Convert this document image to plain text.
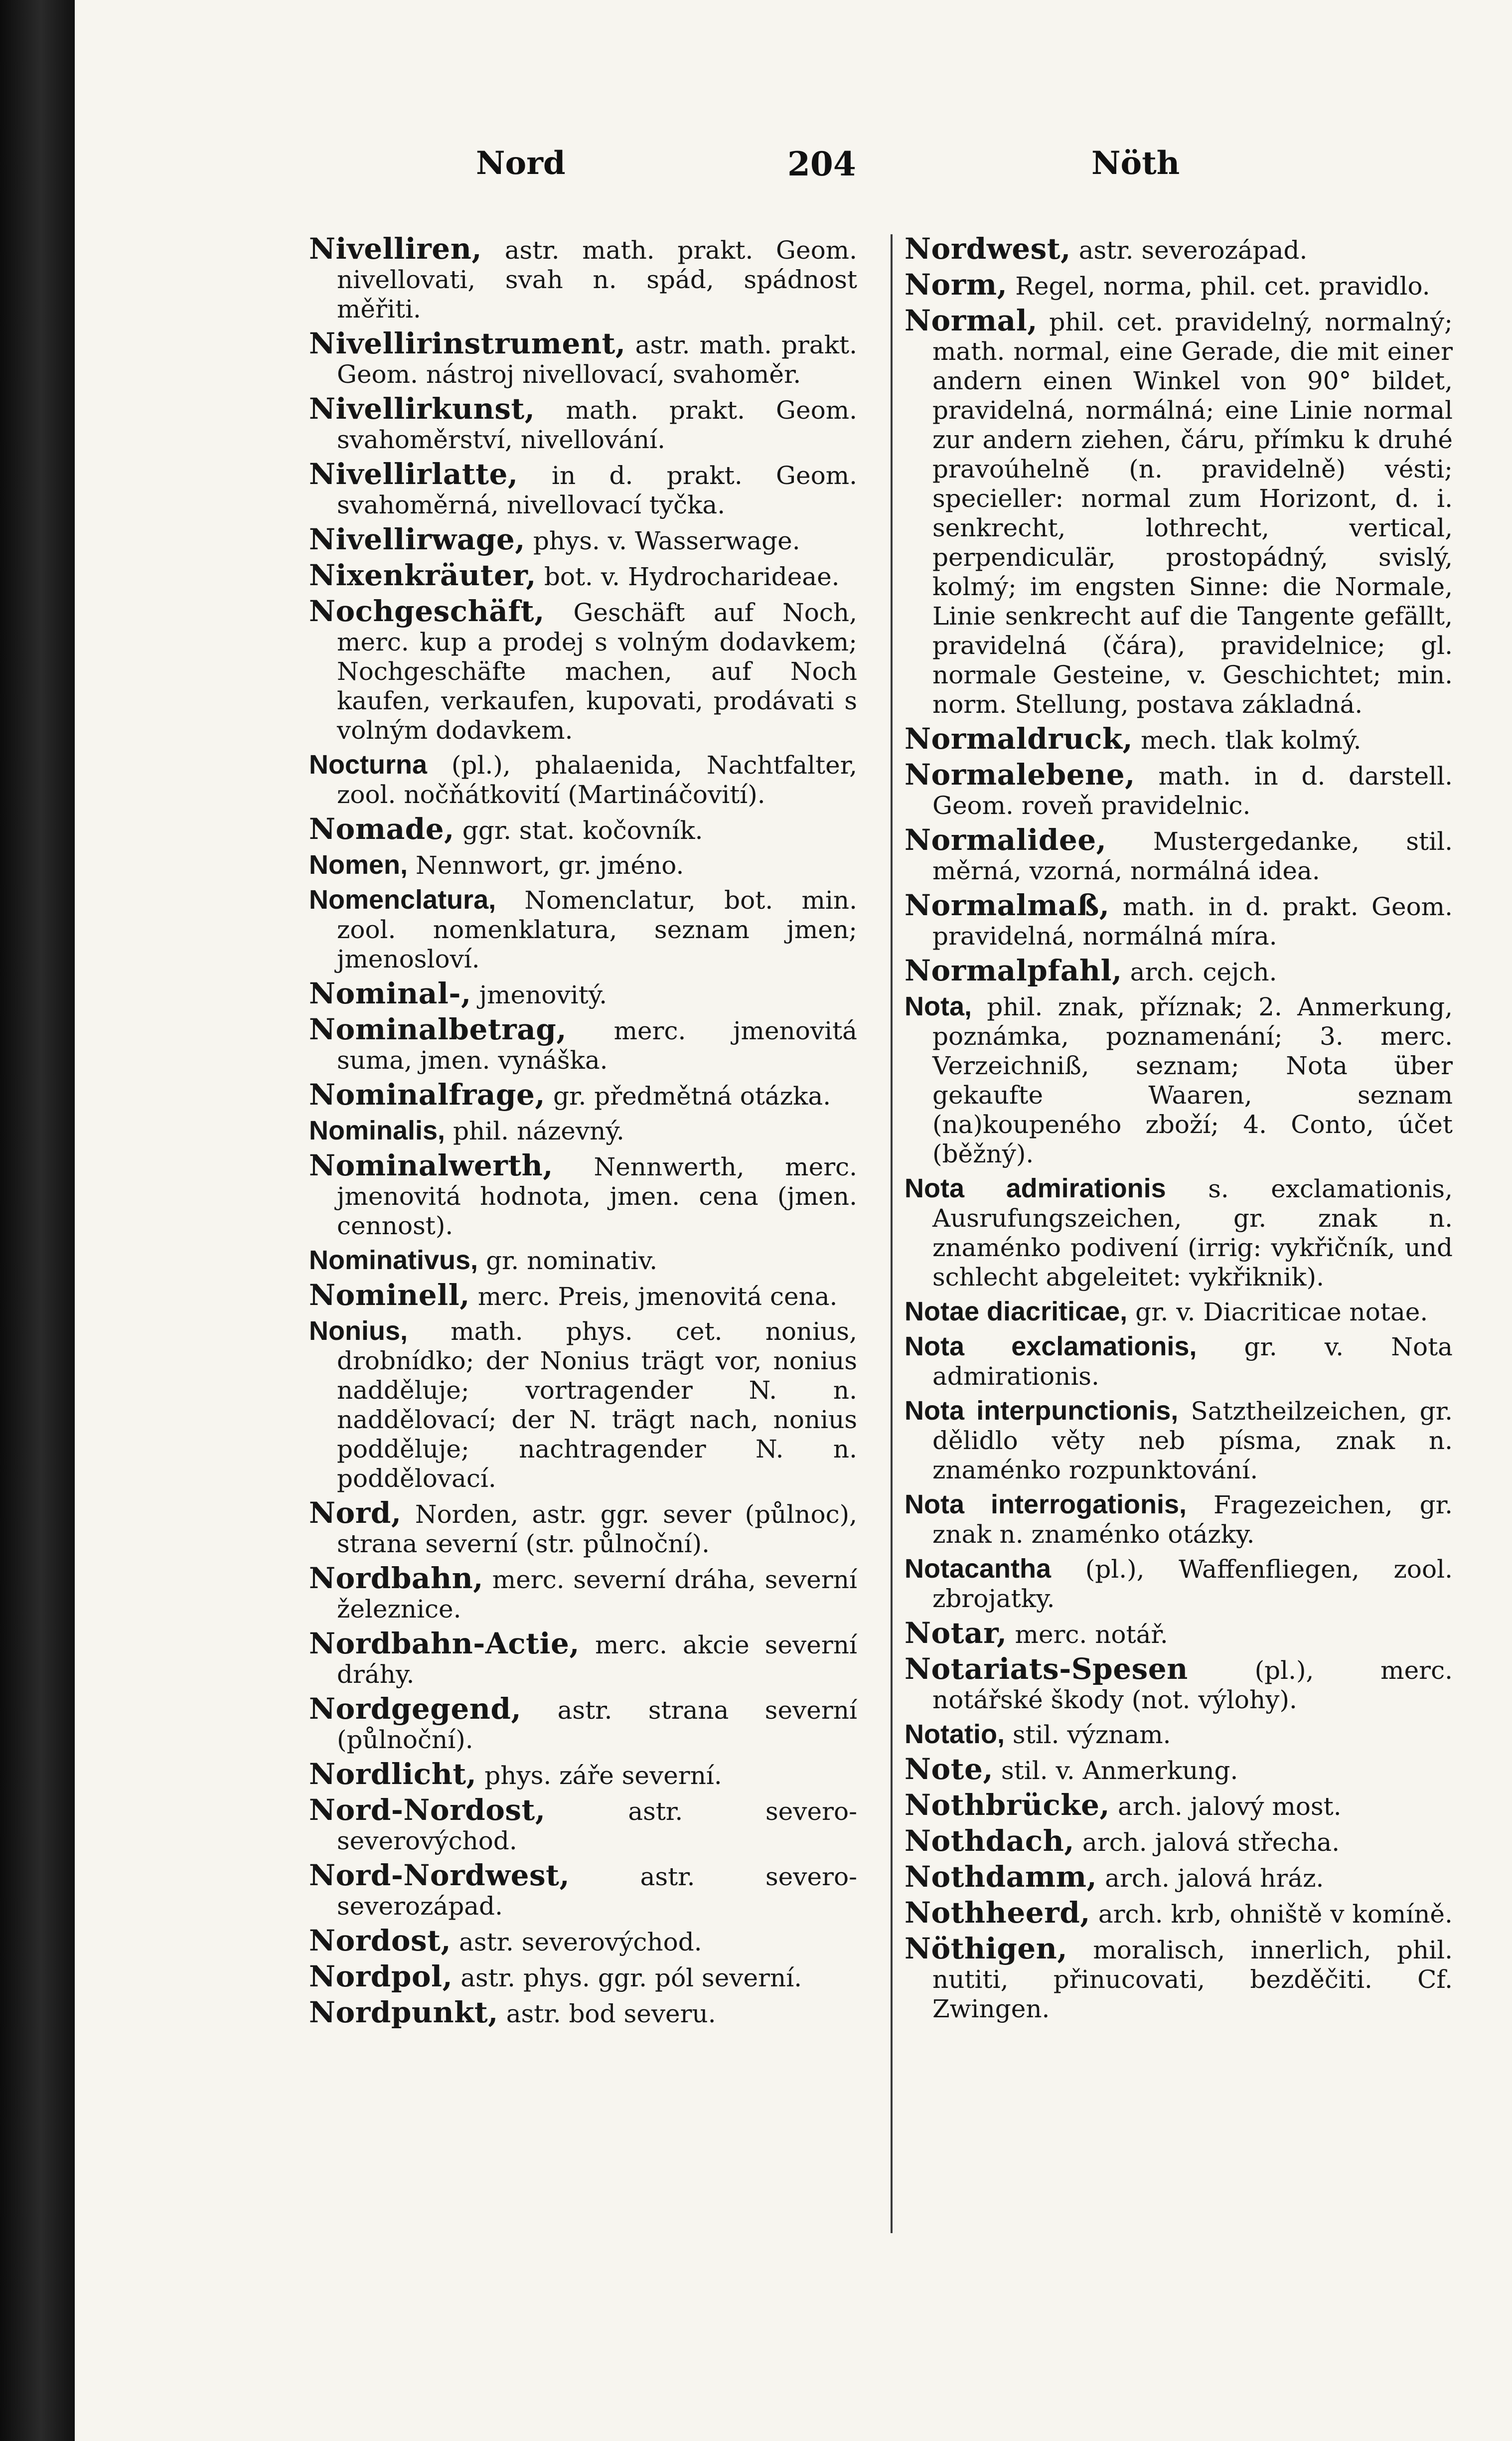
Nord	204	Nöth

Nivelliren, astr. math. prakt. Geom. nivellovati, svah n. spád, spádnost měřiti.

Nivellirinstrument, astr. math. prakt. Geom. nástroj nivellovací, svahoměr.

Nivellirkunst, math. prakt. Geom. svahoměrství, nivellování.

Nivellirlatte, in d. prakt. Geom. svahoměrná, nivellovací tyčka.

Nivellirwage, phys. v. Wasserwage.

Nixenkräuter, bot. v. Hydrocharideae.

Nochgeschäft, Geschäft auf Noch, merc. kup a prodej s volným dodavkem; Nochgeschäfte machen, auf Noch kaufen, verkaufen, kupovati, prodávati s volným dodavkem.

Nocturna (pl.), phalaenida, Nachtfalter, zool. nočňátkovití (Martináčovití).

Nomade, ggr. stat. kočovník.

Nomen, Nennwort, gr. jméno.

Nomenclatura, Nomenclatur, bot. min. zool. nomenklatura, seznam jmen; jmenosloví.

Nominal-, jmenovitý.

Nominalbetrag, merc. jmenovitá suma, jmen. vynáška.

Nominalfrage, gr. předmětná otázka.

Nominalis, phil. názevný.

Nominalwerth, Nennwerth, merc. jmenovitá hodnota, jmen. cena (jmen. cennost).

Nominativus, gr. nominativ.

Nominell, merc. Preis, jmenovitá cena.

Nonius, math. phys. cet. nonius, drobnídko; der Nonius trägt vor, nonius nadděluje; vortragender N. n. naddělovací; der N. trägt nach, nonius podděluje; nachtragender N. n. poddělovací.

Nord, Norden, astr. ggr. sever (půlnoc), strana severní (str. půlnoční).

Nordbahn, merc. severní dráha, severní železnice.

Nordbahn-Actie, merc. akcie severní dráhy.

Nordgegend, astr. strana severní (půlnoční).

Nordlicht, phys. záře severní.

Nord-Nordost,	astr. severo-severovýchod.

Nord-Nordwest,	astr. severo-severozápad.

Nordost, astr. severovýchod.

Nordpol, astr. phys. ggr. pól severní.

Nordpunkt, astr. bod severu.

Nordwest, astr. severozápad.

Norm, Regel, norma, phil. cet. pravidlo.

Normal, phil. cet. pravidelný, normalný; math. normal, eine Gerade, die mit einer andern einen Winkel von 90° bildet, pravidelná, normálná; eine Linie normal zur andern ziehen, čáru, přímku k druhé pravoúhelně (n. pravidelně) vésti; specieller: normal zum Horizont, d. i. senkrecht, lothrecht, vertical, perpendiculär, prostopádný, svislý, kolmý; im engsten Sinne: die Normale, Linie senkrecht auf die Tangente gefällt, pravidelná (čára), pravidelnice; gl. normale Gesteine, v. Geschichtet; min. norm. Stellung, postava základná.

Normaldruck, mech. tlak kolmý.

Normalebene, math. in d. darstell. Geom. roveň pravidelnic.

Normalidee, Mustergedanke, stil. měrná, vzorná, normálná idea.

Normalmaß, math. in d. prakt. Geom. pravidelná, normálná míra.

Normalpfahl, arch. cejch.

Nota, phil. znak, příznak; 2. Anmerkung, poznámka, poznamenání; 3. merc. Verzeichniß, seznam; Nota über gekaufte Waaren, seznam (na)koupeného zboží; 4. Conto, účet (běžný).

Nota admirationis s. exclamationis, Ausrufungszeichen, gr. znak n. znaménko podivení (irrig: vykřičník, und schlecht abgeleitet: vykřiknik).

Notae diacriticae, gr. v. Diacriticae notae.

Nota exclamationis, gr. v. Nota admirationis.

Nota interpunctionis, Satztheilzeichen, gr. dělidlo věty neb písma, znak n. znaménko rozpunktování.

Nota interrogationis, Fragezeichen, gr. znak n. znaménko otázky.

Notacantha (pl.), Waffenfliegen, zool. zbrojatky.

Notar, merc. notář.

Notariats-Spesen	(pl.), merc. notářské škody (not. výlohy).

Notatio, stil. význam.

Note, stil. v. Anmerkung.

Nothbrücke, arch. jalový most.

Nothdach, arch. jalová střecha.

Nothdamm, arch. jalová hráz.

Nothheerd, arch. krb, ohniště v komíně.

Nöthigen, moralisch, innerlich, phil. nutiti, přinucovati, bezděčiti. Cf. Zwingen.
